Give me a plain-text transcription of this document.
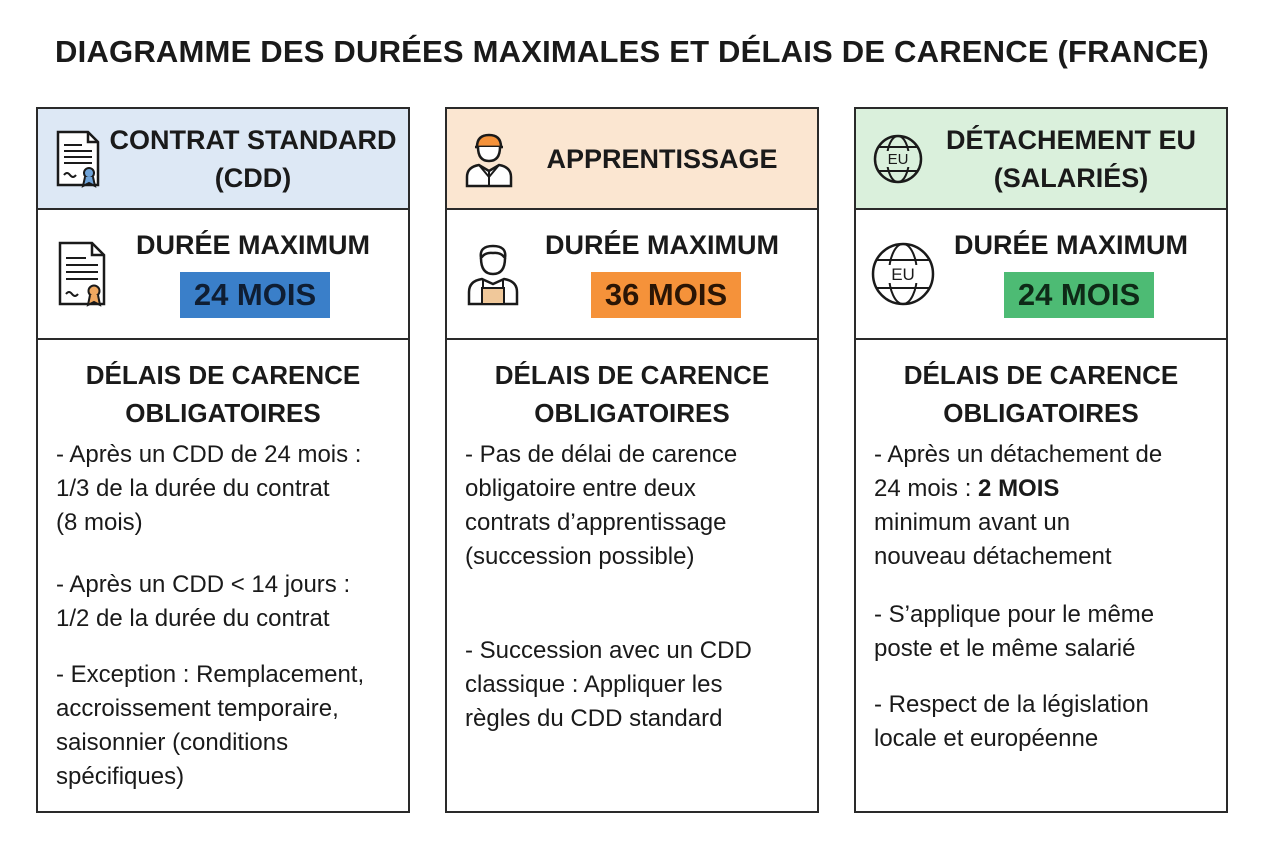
DIAGRAMME DES DURÉES MAXIMALES ET DÉLAIS DE CARENCE (FRANCE)
CONTRAT STANDARD
(CDD)
DURÉE MAXIMUM
24 MOIS
DÉLAIS DE CARENCE
OBLIGATOIRES
- Après un CDD de 24 mois :
1/3 de la durée du contrat
(8 mois)
- Après un CDD < 14 jours :
1/2 de la durée du contrat
- Exception : Remplacement,
accroissement temporaire,
saisonnier (conditions
spécifiques)
APPRENTISSAGE
DURÉE MAXIMUM
36 MOIS
DÉLAIS DE CARENCE
OBLIGATOIRES
- Pas de délai de carence
obligatoire entre deux
contrats d’apprentissage
(succession possible)
- Succession avec un CDD
classique : Appliquer les
règles du CDD standard
EU
DÉTACHEMENT EU
(SALARIÉS)
EU
DURÉE MAXIMUM
24 MOIS
DÉLAIS DE CARENCE
OBLIGATOIRES
- Après un détachement de
24 mois : 2 MOIS
minimum avant un
nouveau détachement
- S’applique pour le même
poste et le même salarié
- Respect de la législation
locale et européenne
